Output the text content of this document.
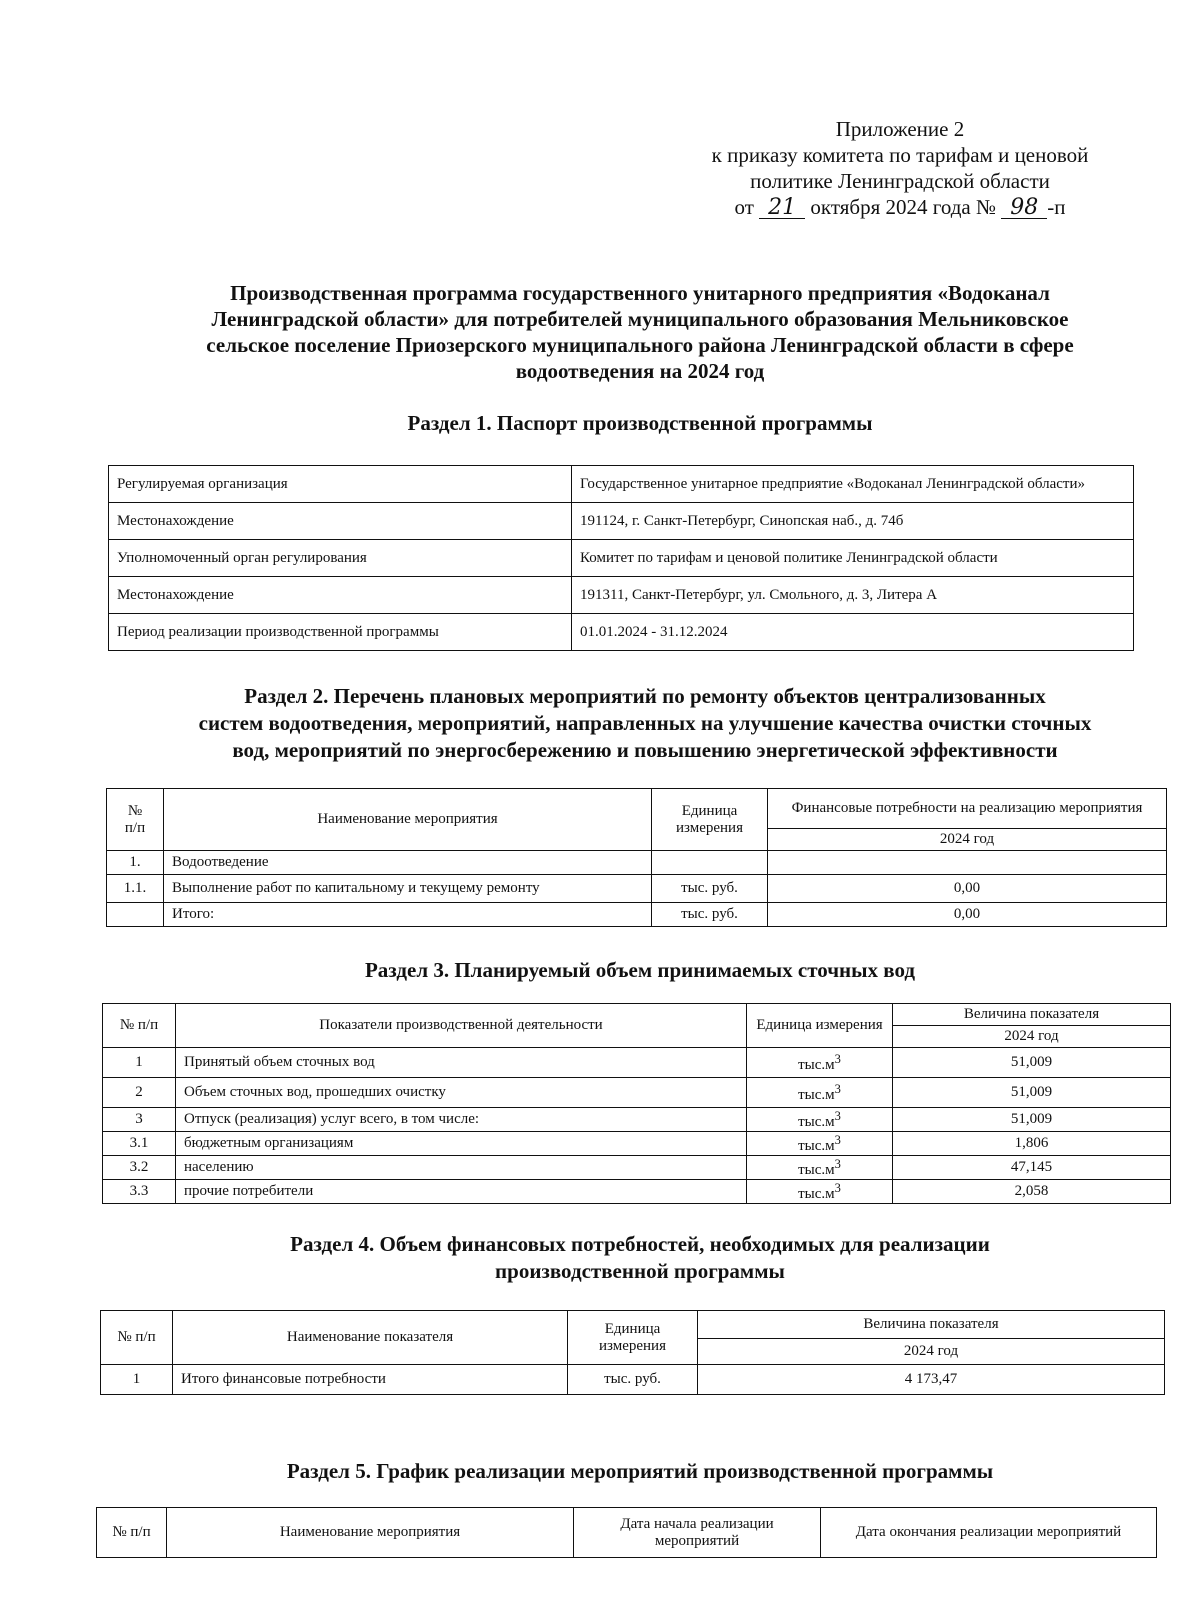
Приложение 2
к приказу комитета по тарифам и ценовой
политике Ленинградской области
от 21 октября 2024 года № 98 -п
Производственная программа государственного унитарного предприятия «Водоканал
Ленинградской области» для потребителей муниципального образования Мельниковское
сельское поселение Приозерского муниципального района Ленинградской области в сфере
водоотведения на 2024 год
Раздел 1. Паспорт производственной программы
Регулируемая организация	Государственное унитарное предприятие «Водоканал Ленинградской области»
Местонахождение	191124, г. Санкт-Петербург, Синопская наб., д. 74б
Уполномоченный орган регулирования	Комитет по тарифам и ценовой политике Ленинградской области
Местонахождение	191311, Санкт-Петербург, ул. Смольного, д. 3, Литера А
Период реализации производственной программы	01.01.2024 - 31.12.2024
Раздел 2. Перечень плановых мероприятий по ремонту объектов централизованных
систем водоотведения, мероприятий, направленных на улучшение качества очистки сточных
вод, мероприятий по энергосбережению и повышению энергетической эффективности
№ п/п	Наименование мероприятия	Единица измерения	Финансовые потребности на реализацию мероприятия
			2024 год
1.	Водоотведение		
1.1.	Выполнение работ по капитальному и текущему ремонту	тыс. руб.	0,00
	Итого:	тыс. руб.	0,00
Раздел 3. Планируемый объем принимаемых сточных вод
№ п/п	Показатели производственной деятельности	Единица измерения	Величина показателя
			2024 год
1	Принятый объем сточных вод	$тыс.м^3$	51,009
2	Объем сточных вод, прошедших очистку	$тыс.м^3$	51,009
3	Отпуск (реализация) услуг всего, в том числе:	$тыс.м^3$	51,009
3.1	бюджетным организациям	$тыс.м^3$	1,806
3.2	населению	$тыс.м^3$	47,145
3.3	прочие потребители	$тыс.м^3$	2,058
Раздел 4. Объем финансовых потребностей, необходимых для реализации
производственной программы
№ п/п	Наименование показателя	Единица измерения	Величина показателя
			2024 год
1	Итого финансовые потребности	тыс. руб.	4 173,47
Раздел 5. График реализации мероприятий производственной программы
№ п/п	Наименование мероприятия	Дата начала реализации мероприятий	Дата окончания реализации мероприятий
